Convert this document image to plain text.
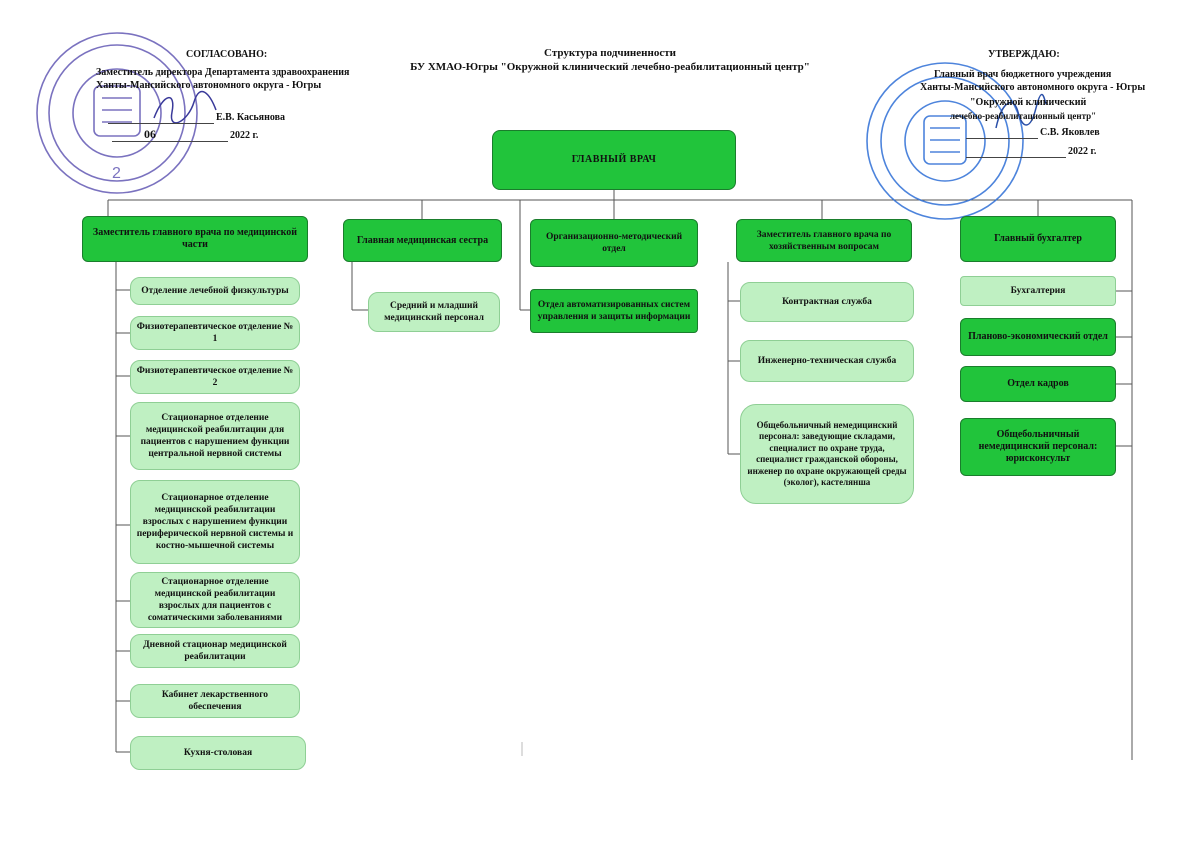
2
Структура подчиненности
БУ ХМАО-Югры "Окружной клинический лечебно-реабилитационный центр"
СОГЛАСОВАНО:
Заместитель директора Департамента здравоохранения
Ханты-Мансийского автономного округа - Югры
Е.В. Касьянова
06	2022 г.
УТВЕРЖДАЮ:
Главный врач бюджетного учреждения
Ханты-Мансийского автономного округа - Югры
"Окружной клинический
лечебно-реабилитационный центр"
С.В. Яковлев
2022 г.
ГЛАВНЫЙ ВРАЧ
Заместитель главного врача по медицинской части
Отделение лечебной физкультуры
Физиотерапевтическое отделение № 1
Физиотерапевтическое отделение № 2
Стационарное отделение медицинской реабилитации для пациентов с нарушением функции центральной нервной системы
Стационарное отделение медицинской реабилитации взрослых с нарушением функции периферической нервной системы и костно-мышечной системы
Стационарное отделение медицинской реабилитации взрослых для пациентов с соматическими заболеваниями
Дневной стационар медицинской реабилитации
Кабинет лекарственного обеспечения
Кухня-столовая
Главная медицинская сестра
Средний и младший медицинский персонал
Организационно-методический отдел
Отдел автоматизированных систем управления и защиты информации
Заместитель главного врача по хозяйственным вопросам
Контрактная служба
Инженерно-техническая служба
Общебольничный немедицинский персонал: заведующие складами, специалист по охране труда, специалист гражданской обороны, инженер по охране окружающей среды (эколог), кастелянша
Главный бухгалтер
Бухгалтерия
Планово-экономический отдел
Отдел кадров
Общебольничный немедицинский персонал: юрисконсульт
